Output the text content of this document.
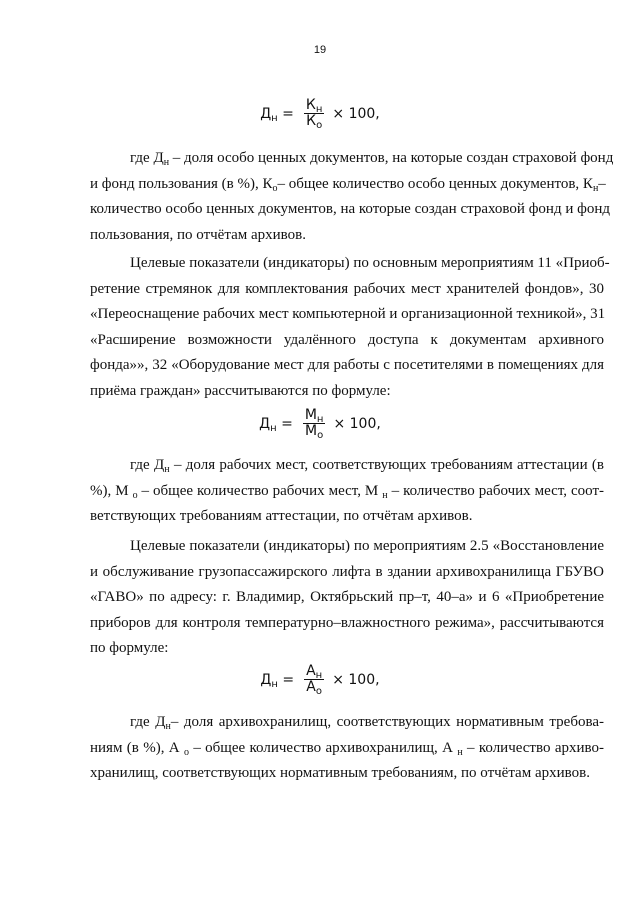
19
$Д_н = \frac{К_н}{К_о} \times 100$,
где $Д_н$ – доля особо ценных документов, на которые создан страховой фонд
и фонд пользования (в %), $К_о-$ общее количество особо ценных документов, $К_н-$
количество особо ценных документов, на которые создан страховой фонд и фонд
пользования, по отчётам архивов.
Целевые показатели (индикаторы) по основным мероприятиям 11 «Приоб-
ретение стремянок для комплектования рабочих мест хранителей фондов», 30
«Переоснащение рабочих мест компьютерной и организационной техникой», 31
«Расширение возможности удалённого доступа к документам архивного
фонда»», 32 «Оборудование мест для работы с посетителями в помещениях для
приёма граждан» рассчитываются по формуле:
$Д_н = \frac{М_н}{М_о} \times 100$,
где $Д_н$ – доля рабочих мест, соответствующих требованиям аттестации (в
%), М $_о$ – общее количество рабочих мест, М $_н$ – количество рабочих мест, соот-
ветствующих требованиям аттестации, по отчётам архивов.
Целевые показатели (индикаторы) по мероприятиям 2.5 «Восстановление
и обслуживание грузопассажирского лифта в здании архивохранилища ГБУВО
«ГАВО» по адресу: г. Владимир, Октябрьский пр–т, 40–а» и 6 «Приобретение
приборов для контроля температурно–влажностного режима», рассчитываются
по формуле:
$Д_н = \frac{А_н}{А_о} \times 100$,
где $Д_н-$ доля архивохранилищ, соответствующих нормативным требова-
ниям (в %), А $_о$ – общее количество архивохранилищ, А $_н$ – количество архиво-
хранилищ, соответствующих нормативным требованиям, по отчётам архивов.
